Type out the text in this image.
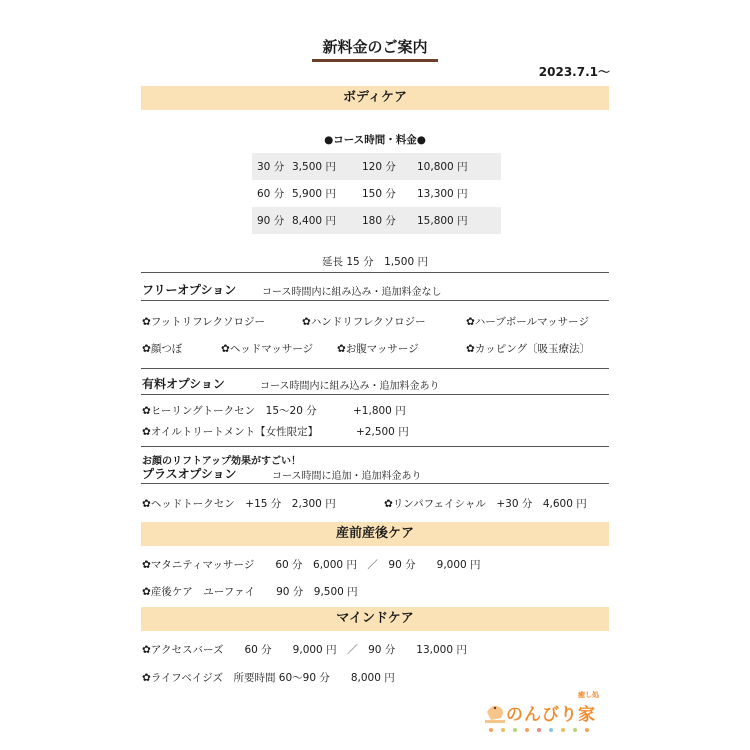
新料金のご案内
2023.7.1〜
ボディケア
●コース時間・料金●
30 分 3,500 円	120 分	10,800 円
60 分 5,900 円	150 分	13,300 円
90 分 8,400 円	180 分	15,800 円
延長 15 分　1,500 円
フリーオプション	コース時間内に組み込み・追加料金なし
✿フットリフレクソロジー	✿ハンドリフレクソロジー	✿ハーブボールマッサージ
✿顔つぼ	✿ヘッドマッサージ ✿お腹マッサージ	✿カッピング〔吸玉療法〕
有料オプション	コース時間内に組み込み・追加料金あり
✿ヒーリングトークセン　15〜20 分	+1,800 円
✿オイルトリートメント【女性限定】	+2,500 円
お顔のリフトアップ効果がすごい！
プラスオプション	コース時間に追加・追加料金あり
✿ヘッドトークセン　+15 分　2,300 円	✿リンパフェイシャル　+30 分　4,600 円
産前産後ケア
✿マタニティマッサージ　　60 分　6,000 円　／　90 分　　9,000 円
✿産後ケア　ユーファイ　　90 分　9,500 円
マインドケア
✿アクセスバーズ　　60 分　　9,000 円　／　90 分　　13,000 円
✿ライフベイジズ　所要時間 60〜90 分　　8,000 円
癒し処
のんびり家
